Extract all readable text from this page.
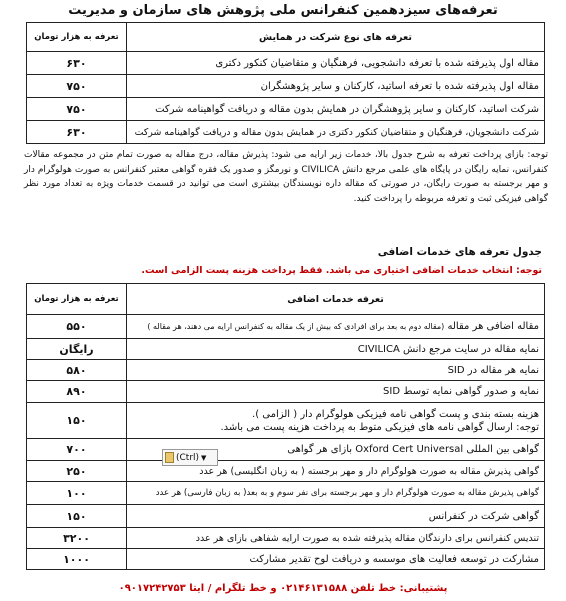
تعرفه‌های سیزدهمین کنفرانس ملی پژوهش های سازمان و مدیریت
تعرفه های نوع شرکت در همایش	تعرفه به هزار تومان
مقاله اول پذیرفته شده با تعرفه دانشجویی، فرهنگیان و متقاضیان کنکور دکتری	۶۳۰
مقاله اول پذیرفته شده با تعرفه اساتید، کارکنان و سایر پژوهشگران	۷۵۰
شرکت اساتید، کارکنان و سایر پژوهشگران در همایش بدون مقاله و دریافت گواهینامه شرکت	۷۵۰
شرکت دانشجویان، فرهنگیان و متقاضیان کنکور دکتری در همایش بدون مقاله و دریافت گواهینامه شرکت	۶۳۰
توجه: بازای پرداخت تعرفه به شرح جدول بالا، خدمات زیر ارایه می شود: پذیرش مقاله، درج مقاله به صورت تمام متن در مجموعه مقالات کنفرانس، نمایه رایگان در پایگاه های علمی مرجع دانش CIVILICA و نورمگز و صدور یک فقره گواهی معتبر کنفرانس به صورت هولوگرام دار و مهر برجسته به صورت رایگان، در صورتی که مقاله داره نویسندگان بیشتری است می توانید در قسمت خدمات ویژه به تعداد مورد نظر گواهی فیزیکی ثبت و تعرفه مربوطه را پرداخت کنید.
جدول تعرفه های خدمات اضافی
توجه: انتخاب خدمات اضافی اختیاری می باشد. فقط پرداخت هزینه پست الزامی است.
تعرفه خدمات اضافی	تعرفه به هزار تومان
مقاله اضافی هر مقاله (مقاله دوم به بعد برای افرادی که بیش از یک مقاله به کنفرانس ارایه می دهند، هر مقاله )	۵۵۰
نمایه مقاله در سایت مرجع دانش CIVILICA	رایگان
نمایه هر مقاله در SID	۵۸۰
نمایه و صدور گواهی نمایه توسط SID	۸۹۰

هزینه بسته بندی و پست گواهی نامه فیزیکی هولوگرام دار ( الزامی ).
توجه: ارسال گواهی نامه های فیزیکی متوط به پرداخت هزینه پست می باشد.	۱۵۰
گواهی بین المللی Oxford Cert Universal بازای هر گواهی	۷۰۰
گواهی پذیرش مقاله به صورت هولوگرام دار و مهر برجسته ( به زبان انگلیسی) هر عدد	۲۵۰
گواهی پذیرش مقاله به صورت هولوگرام دار و مهر برجسته برای نفر سوم و به بعد( به زبان فارسی) هر عدد	۱۰۰
گواهی شرکت در کنفرانس	۱۵۰
تندیس کنفرانس برای دارندگان مقاله پذیرفته شده به صورت ارایه شفاهی بازای هر عدد	۳۲۰۰
مشارکت در توسعه فعالیت های موسسه و دریافت لوح تقدیر مشارکت	۱۰۰۰
(Ctrl) ▼
پشتیبانی: خط تلفن ۰۲۱۴۶۱۳۱۵۸۸ و خط تلگرام / ایتا ۰۹۰۱۷۲۴۲۷۵۳
